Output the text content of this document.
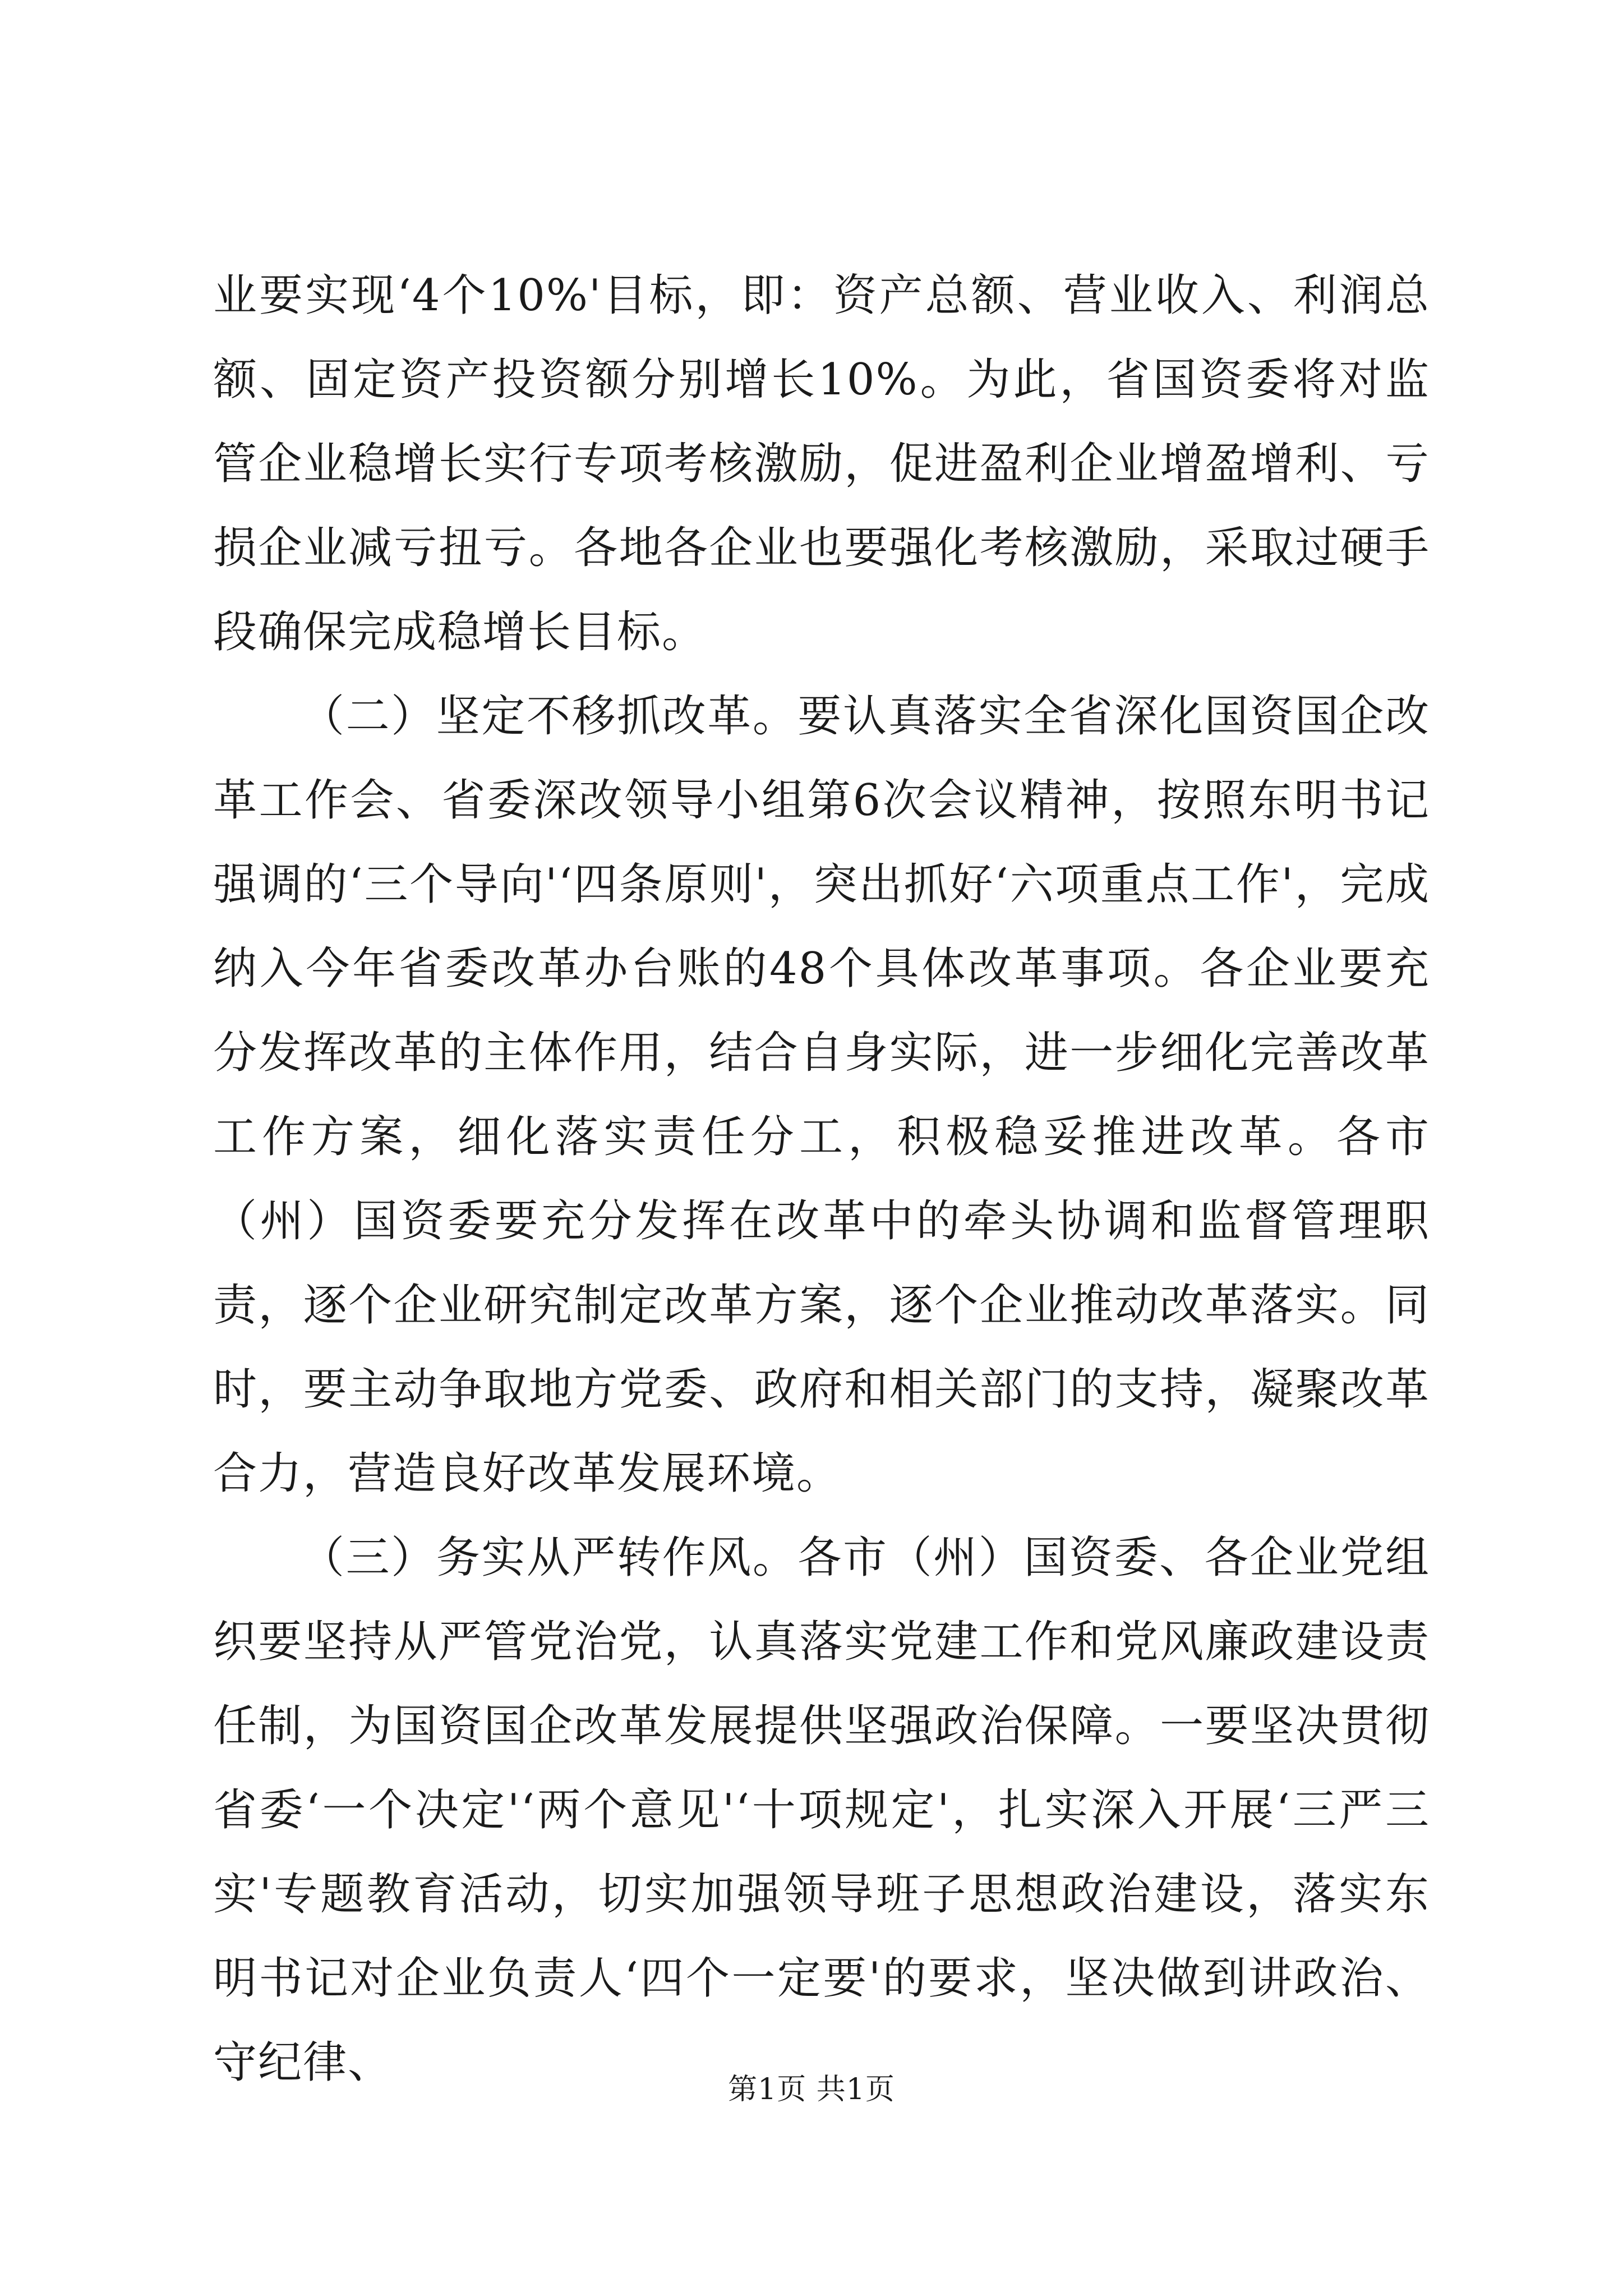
业要实现‘4个10%'目标，即：资产总额、营业收入、利润总额、固定资产投资额分别增长10%。为此，省国资委将对监管企业稳增长实行专项考核激励，促进盈利企业增盈增利、亏损企业减亏扭亏。各地各企业也要强化考核激励，采取过硬手段确保完成稳增长目标。

（二）坚定不移抓改革。要认真落实全省深化国资国企改革工作会、省委深改领导小组第6次会议精神，按照东明书记强调的‘三个导向'‘四条原则'，突出抓好‘六项重点工作'，完成纳入今年省委改革办台账的48个具体改革事项。各企业要充分发挥改革的主体作用，结合自身实际，进一步细化完善改革工作方案，细化落实责任分工，积极稳妥推进改革。各市（州）国资委要充分发挥在改革中的牵头协调和监督管理职责，逐个企业研究制定改革方案，逐个企业推动改革落实。同时，要主动争取地方党委、政府和相关部门的支持，凝聚改革合力，营造良好改革发展环境。

（三）务实从严转作风。各市（州）国资委、各企业党组织要坚持从严管党治党，认真落实党建工作和党风廉政建设责任制，为国资国企改革发展提供坚强政治保障。一要坚决贯彻省委‘一个决定'‘两个意见'‘十项规定'，扎实深入开展‘三严三实'专题教育活动，切实加强领导班子思想政治建设，落实东明书记对企业负责人‘四个一定要'的要求，坚决做到讲政治、守纪律、

第1页 共1页
